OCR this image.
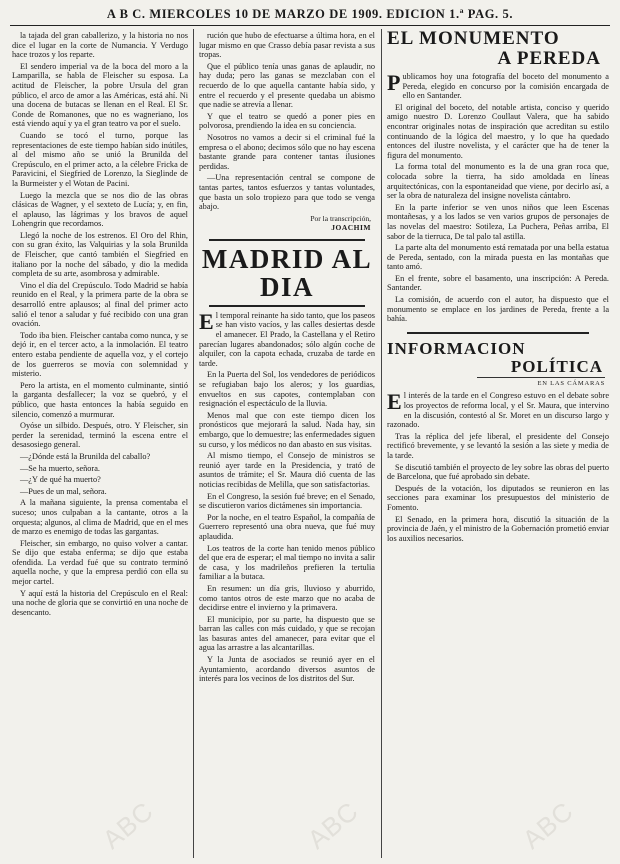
A B C. MIERCOLES 10 DE MARZO DE 1909. EDICION 1.ª PAG. 5.

la tajada del gran caballerizo, y la historia no nos dice el lugar en la corte de Numancia. Y Verdugo hace trozos y los reparte.

El sendero imperial va de la boca del moro a la Lamparilla, se habla de Fleischer su esposa. La actitud de Fleischer, la pobre Ursula del gran público, el arco de amor a las Américas, está ahí. Ni una docena de butacas se llenan en el Real. El Sr. Conde de Romanones, que no es wagneriano, los está viendo aquí y ya el gran teatro va por el suelo.

Cuando se tocó el turno, porque las representaciones de este tiempo habían sido inútiles, al del mismo año se unió la Brunilda del Crepúsculo, en el primer acto, a la célebre Fricka de Paravicini, el Siegfried de Lorenzo, la Sieglinde de la Burmeister y el Wotan de Pacini.

Luego la mezcla que se nos dio de las obras clásicas de Wagner, y el sexteto de Lucía; y, en fin, el aplauso, las lágrimas y los bravos de aquel Lohengrin que recordamos.

Llegó la noche de los estrenos. El Oro del Rhin, con su gran éxito, las Valquirias y la sola Brunilda de Fleischer, que cantó también el Siegfried en italiano por la noche del sábado, y dio la medida completa de su arte, asombrosa y admirable.

Vino el día del Crepúsculo. Todo Madrid se había reunido en el Real, y la primera parte de la obra se desarrolló entre aplausos; al final del primer acto salió el tenor a saludar y fué recibido con una gran ovación.

Todo iba bien. Fleischer cantaba como nunca, y se dejó ir, en el tercer acto, a la inmolación. El teatro entero estaba pendiente de aquella voz, y el cortejo de los guerreros se movía con solemnidad y misterio.

Pero la artista, en el momento culminante, sintió la garganta desfallecer; la voz se quebró, y el público, que hasta entonces la había seguido en silencio, comenzó a murmurar.

Oyóse un silbido. Después, otro. Y Fleischer, sin perder la serenidad, terminó la escena entre el desasosiego general.

—¿Dónde está la Brunilda del caballo?

—Se ha muerto, señora.

—¿Y de qué ha muerto?

—Pues de un mal, señora.

A la mañana siguiente, la prensa comentaba el suceso; unos culpaban a la cantante, otros a la orquesta; algunos, al clima de Madrid, que en el mes de marzo es enemigo de todas las gargantas.

Fleischer, sin embargo, no quiso volver a cantar. Se dijo que estaba enferma; se dijo que estaba ofendida. La verdad fué que su contrato terminó aquella noche, y que la empresa perdió con ella su mejor cartel.

Y aquí está la historia del Crepúsculo en el Real: una noche de gloria que se convirtió en una noche de desencanto.

rución que hubo de efectuarse a última hora, en el lugar mismo en que Crasso debía pasar revista a sus tropas.

Que el público tenía unas ganas de aplaudir, no hay duda; pero las ganas se mezclaban con el recuerdo de lo que aquella cantante había sido, y entre el recuerdo y el presente quedaba un abismo que nadie se atrevía a llenar.

Y que el teatro se quedó a poner pies en polvorosa, prendiendo la idea en su conciencia.

Nosotros no vamos a decir si el criminal fué la empresa o el abono; decimos sólo que no hay escena bastante grande para contener tantas ilusiones perdidas.

—Una representación central se compone de tantas partes, tantos esfuerzos y tantas voluntades, que basta un solo tropiezo para que todo se venga abajo.

Por la transcripción,
JOACHIM
MADRID AL DIA

El temporal reinante ha sido tanto, que los paseos se han visto vacíos, y las calles desiertas desde el amanecer. El Prado, la Castellana y el Retiro parecían lugares abandonados; sólo algún coche de alquiler, con la capota echada, cruzaba de tarde en tarde.

En la Puerta del Sol, los vendedores de periódicos se refugiaban bajo los aleros; y los guardias, envueltos en sus capotes, contemplaban con resignación el espectáculo de la lluvia.

Menos mal que con este tiempo dicen los pronósticos que mejorará la salud. Nada hay, sin embargo, que lo demuestre; las enfermedades siguen su curso, y los médicos no dan abasto en sus visitas.

Al mismo tiempo, el Consejo de ministros se reunió ayer tarde en la Presidencia, y trató de asuntos de trámite; el Sr. Maura dió cuenta de las noticias recibidas de Melilla, que son satisfactorias.

En el Congreso, la sesión fué breve; en el Senado, se discutieron varios dictámenes sin importancia.

Por la noche, en el teatro Español, la compañía de Guerrero representó una obra nueva, que fué muy aplaudida.

Los teatros de la corte han tenido menos público del que era de esperar; el mal tiempo no invita a salir de casa, y los madrileños prefieren la tertulia familiar a la butaca.

En resumen: un día gris, lluvioso y aburrido, como tantos otros de este marzo que no acaba de decidirse entre el invierno y la primavera.

El municipio, por su parte, ha dispuesto que se barran las calles con más cuidado, y que se recojan las basuras antes del amanecer, para evitar que el agua las arrastre a las alcantarillas.

Y la Junta de asociados se reunió ayer en el Ayuntamiento, acordando diversos asuntos de interés para los vecinos de los distritos del Sur.

EL MONUMENTO
A PEREDA

Publicamos hoy una fotografía del boceto del monumento a Pereda, elegido en concurso por la comisión encargada de ello en Santander.

El original del boceto, del notable artista, conciso y querido amigo nuestro D. Lorenzo Coullaut Valera, que ha sabido encontrar originales notas de inspiración que acreditan su estilo continuando de la lógica del maestro, y lo que ha quedado entonces del ilustre novelista, y el carácter que ha de tener la figura del monumento.

La forma total del monumento es la de una gran roca que, colocada sobre la tierra, ha sido amoldada en líneas arquitectónicas, con la espontaneidad que viene, por decirlo así, a ser la obra de naturaleza del insigne novelista cántabro.

En la parte inferior se ven unos niños que leen Escenas montañesas, y a los lados se ven varios grupos de personajes de las novelas del maestro: Sotileza, La Puchera, Peñas arriba, El sabor de la tierruca, De tal palo tal astilla.

La parte alta del monumento está rematada por una bella estatua de Pereda, sentado, con la mirada puesta en las montañas que tanto amó.

En el frente, sobre el basamento, una inscripción: A Pereda. Santander.

La comisión, de acuerdo con el autor, ha dispuesto que el monumento se emplace en los jardines de Pereda, frente a la bahía.

INFORMACION
POLÍTICA
EN LAS CÁMARAS

El interés de la tarde en el Congreso estuvo en el debate sobre los proyectos de reforma local, y el Sr. Maura, que intervino en la discusión, contestó al Sr. Moret en un discurso largo y razonado.

Tras la réplica del jefe liberal, el presidente del Consejo rectificó brevemente, y se levantó la sesión a las siete y media de la tarde.

Se discutió también el proyecto de ley sobre las obras del puerto de Barcelona, que fué aprobado sin debate.

Después de la votación, los diputados se reunieron en las secciones para examinar los presupuestos del ministerio de Fomento.

El Senado, en la primera hora, discutió la situación de la provincia de Jaén, y el ministro de la Gobernación prometió enviar los auxilios necesarios.

ABC	ABC	ABC
